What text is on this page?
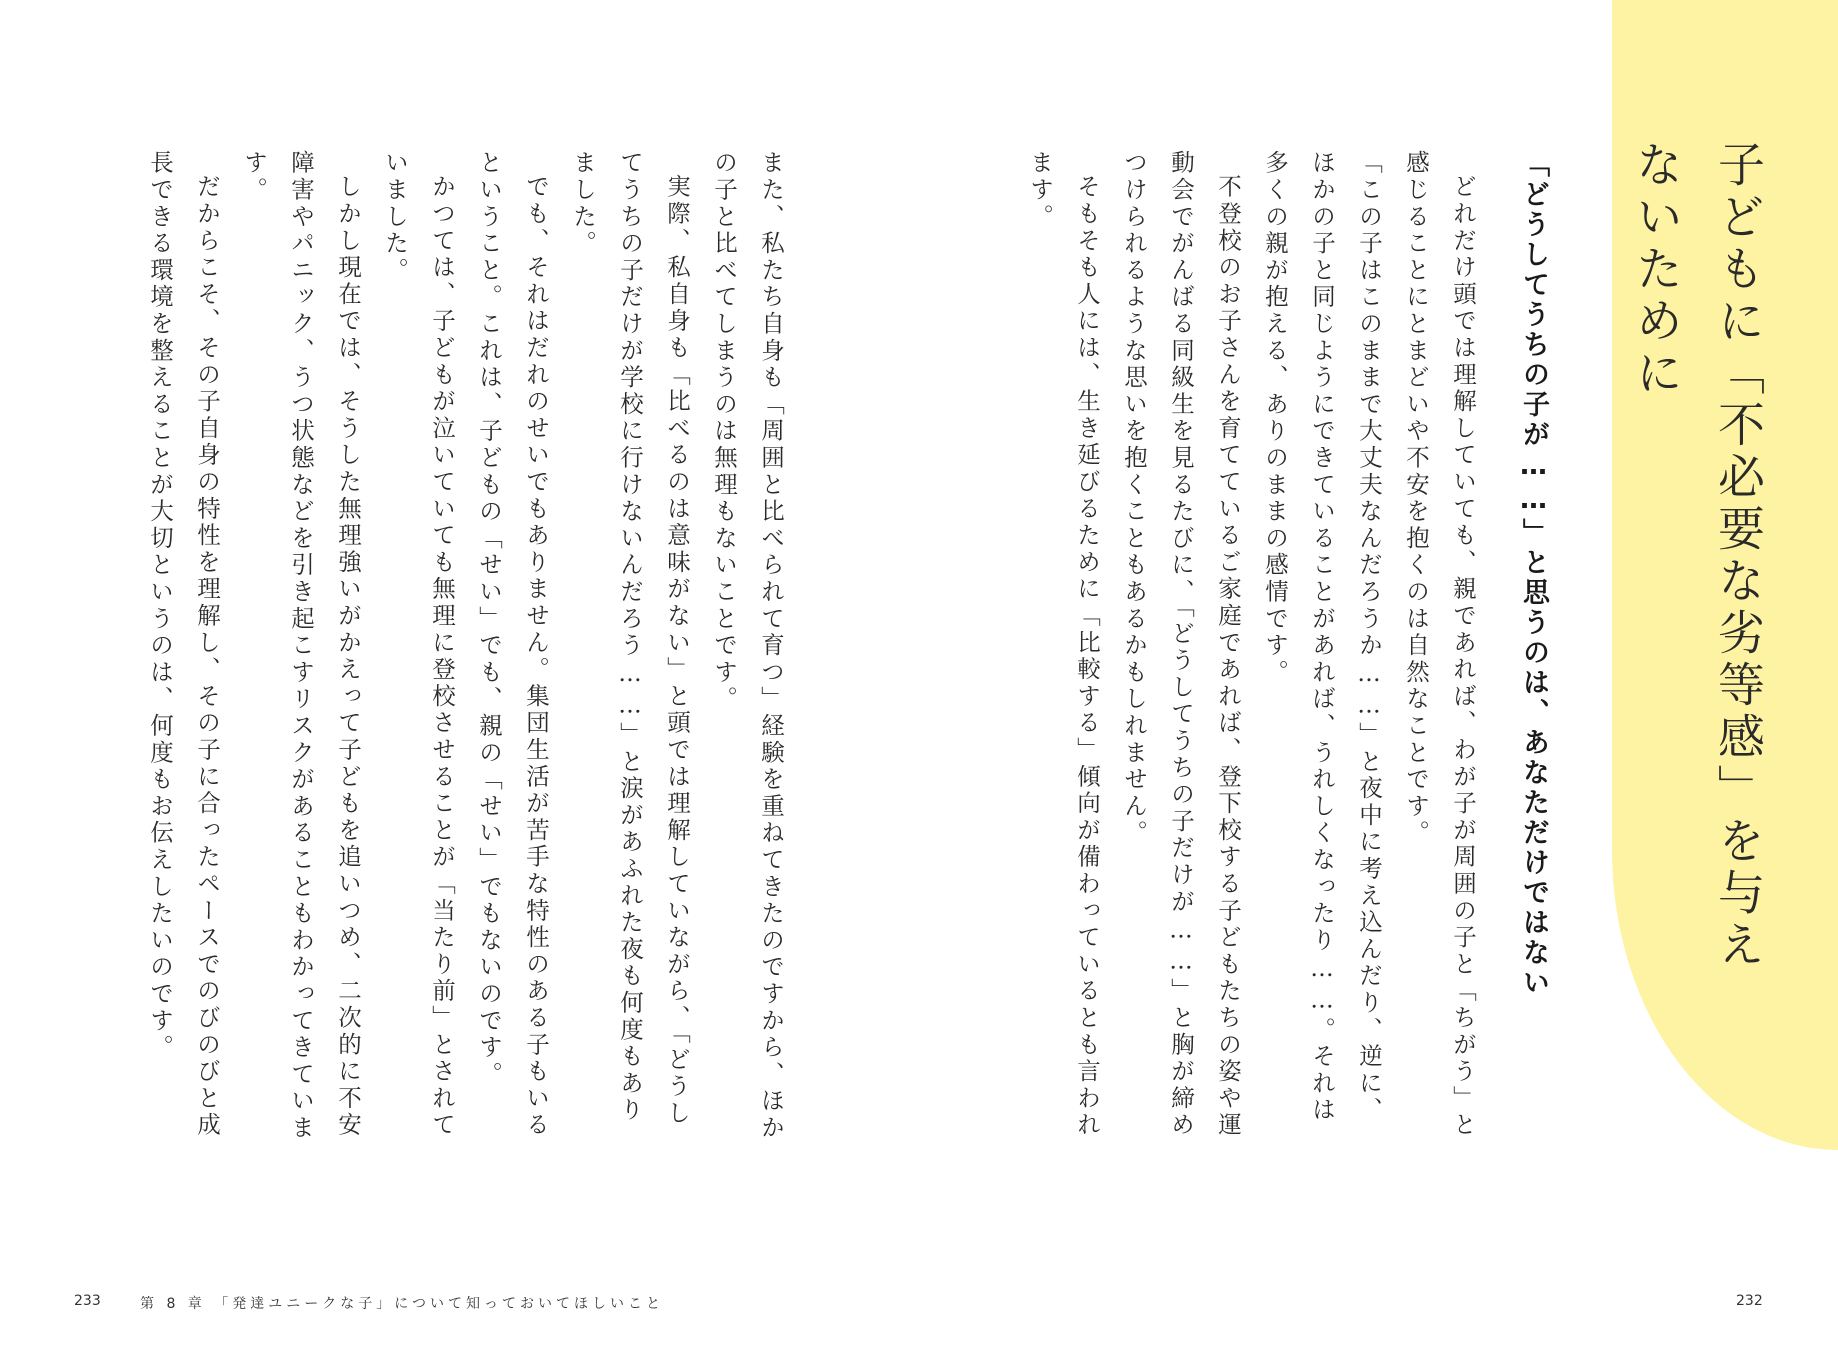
子どもに「不必要な劣等感」を与えないために
「どうしてうちの子が……」と思うのは、あなただけではない

どれだけ頭では理解していても、親であれば、わが子が周囲の子と「ちがう」と感じることにとまどいや不安を抱くのは自然なことです。

「この子はこのままで大丈夫なんだろうか……」と夜中に考え込んだり、逆に、ほかの子と同じようにできていることがあれば、うれしくなったり……。それは多くの親が抱える、ありのままの感情です。

不登校のお子さんを育てているご家庭であれば、登下校する子どもたちの姿や運動会でがんばる同級生を見るたびに、「どうしてうちの子だけが……」と胸が締めつけられるような思いを抱くこともあるかもしれません。

そもそも人には、生き延びるために「比較する」傾向が備わっているとも言われます。

また、私たち自身も「周囲と比べられて育つ」経験を重ねてきたのですから、ほかの子と比べてしまうのは無理もないことです。

実際、私自身も「比べるのは意味がない」と頭では理解していながら、「どうしてうちの子だけが学校に行けないんだろう……」と涙があふれた夜も何度もありました。

でも、それはだれのせいでもありません。集団生活が苦手な特性のある子もいるということ。これは、子どもの「せい」でも、親の「せい」でもないのです。

かつては、子どもが泣いていても無理に登校させることが「当たり前」とされていました。

しかし現在では、そうした無理強いがかえって子どもを追いつめ、二次的に不安障害やパニック、うつ状態などを引き起こすリスクがあることもわかってきています。

だからこそ、その子自身の特性を理解し、その子に合ったペースでのびのびと成長できる環境を整えることが大切というのは、何度もお伝えしたいのです。

233	第 8 章 「発達ユニークな子」について知っておいてほしいこと	232
